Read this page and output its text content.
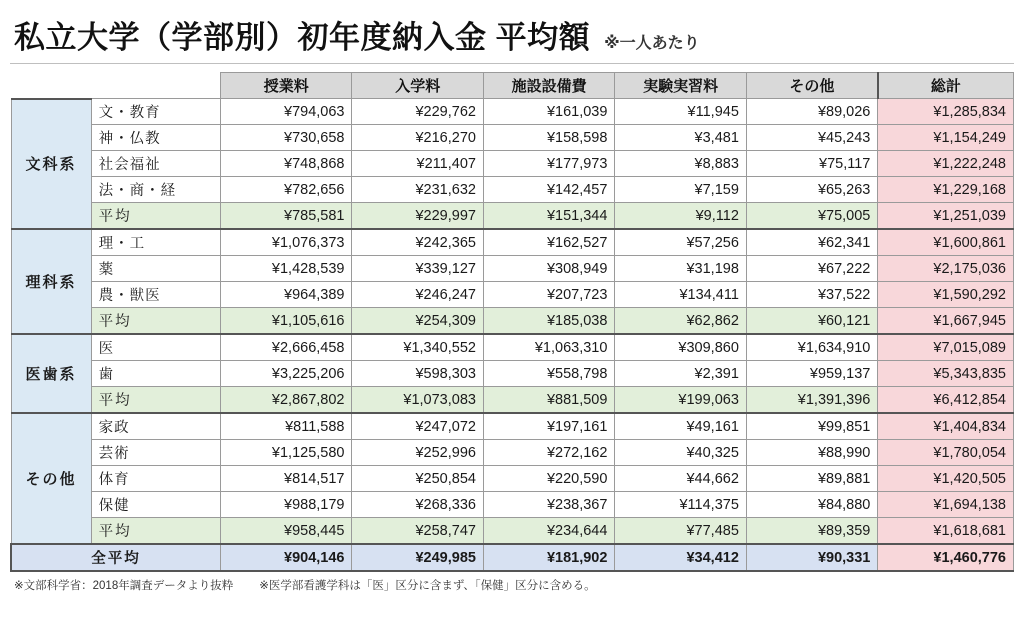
私立大学（学部別）初年度納入金 平均額 ※一人あたり
		授業料	入学料	施設設備費	実験実習料	その他	総計
文科系	文・教育	¥794,063	¥229,762	¥161,039	¥11,945	¥89,026	¥1,285,834
	神・仏教	¥730,658	¥216,270	¥158,598	¥3,481	¥45,243	¥1,154,249
	社会福祉	¥748,868	¥211,407	¥177,973	¥8,883	¥75,117	¥1,222,248
	法・商・経	¥782,656	¥231,632	¥142,457	¥7,159	¥65,263	¥1,229,168
	平均	¥785,581	¥229,997	¥151,344	¥9,112	¥75,005	¥1,251,039
理科系	理・工	¥1,076,373	¥242,365	¥162,527	¥57,256	¥62,341	¥1,600,861
	薬	¥1,428,539	¥339,127	¥308,949	¥31,198	¥67,222	¥2,175,036
	農・獣医	¥964,389	¥246,247	¥207,723	¥134,411	¥37,522	¥1,590,292
	平均	¥1,105,616	¥254,309	¥185,038	¥62,862	¥60,121	¥1,667,945
医歯系	医	¥2,666,458	¥1,340,552	¥1,063,310	¥309,860	¥1,634,910	¥7,015,089
	歯	¥3,225,206	¥598,303	¥558,798	¥2,391	¥959,137	¥5,343,835
	平均	¥2,867,802	¥1,073,083	¥881,509	¥199,063	¥1,391,396	¥6,412,854
その他	家政	¥811,588	¥247,072	¥197,161	¥49,161	¥99,851	¥1,404,834
	芸術	¥1,125,580	¥252,996	¥272,162	¥40,325	¥88,990	¥1,780,054
	体育	¥814,517	¥250,854	¥220,590	¥44,662	¥89,881	¥1,420,505
	保健	¥988,179	¥268,336	¥238,367	¥114,375	¥84,880	¥1,694,138
	平均	¥958,445	¥258,747	¥234,644	¥77,485	¥89,359	¥1,618,681
全平均		¥904,146	¥249,985	¥181,902	¥34,412	¥90,331	¥1,460,776
※文部科学省：2018年調査データより抜粋 ※医学部看護学科は「医」区分に含まず、「保健」区分に含める。
